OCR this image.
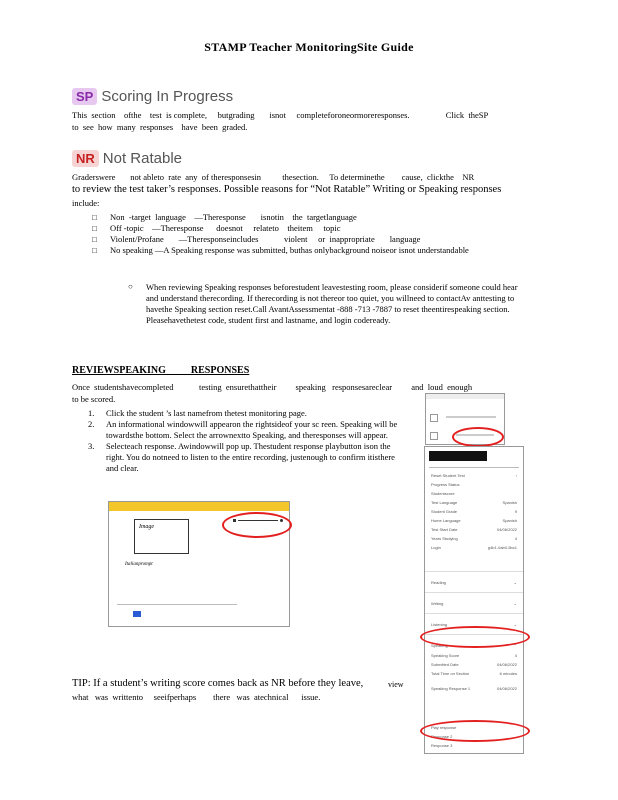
STAMP Teacher MonitoringSite Guide
SP Scoring In Progress
This  section    ofthe    test  is complete,     butgrading       isnot     completeforoneormoreresponses.                 Click  theSP
to  see  how  many  responses    have  been  graded.
NR Not Ratable
Graderswere       not ableto  rate  any  of theresponsesin          thesection.     To determinethe        cause,  clickthe    NR
to review the test taker’s responses. Possible reasons for “Not Ratable” Writing or Speaking responses
include:
□ Non  -target  language    —Theresponse       isnotin    the  targetlanguage
□ Off -topic    —Theresponse      doesnot     relateto    theitem     topic
□ Violent/Profane       —Theresponseincludes            violent     or  inappropriate       language
□ No speaking —A Speaking response was submitted, buthas onlybackground noiseor isnot understandable
○	When reviewing Speaking responses beforestudent leavestesting room, please considerif someone could hear and understand therecording. If therecording is not thereor too quiet, you willneed to contactAv anttesting to havethe Speaking section reset.Call AvantAssessmentat -888 -713 -7887 to reset theentirespeaking section. Pleasehavethetest code, student first and lastname, and login codeready.
REVIEWSPEAKING          RESPONSES
Once  studentshavecompleted            testing  ensurethattheir         speaking   responsesareclear         and  loud  enough
to be scored.
1. Click the student ’s last namefrom thetest monitoring page.
2. An informational windowwill appearon the rightsideof your sc reen. Speaking will be towardsthe bottom. Select the arrownextto Speaking, and theresponses will appear.
3. Selecteach response. Awindowwill pop up. Thestudent response playbutton ison the right. You do notneed to listen to the entire recording, justenough to confirm itisthere and clear.
Image
Italianprompt
Reset Student Test	›
Progress Status
Studentscore
Test Language	Spanish
Student Grade	9
Home Language	Spanish
Test Start Date	04/06/2022
Years Studying	4
Login	g4b1-0ab0-5bc1
Reading	⌄
Writing	⌄
Listening	⌄
Speaking	⌃
Speaking Score	4
Submitted Date	04/06/2022
Total Time on Section	6 minutes
Speaking Response 1	04/06/2022
Play response
Response 2
Response 3
TIP: If a student’s writing score comes back as NR before they leave,	view
what   was  writtento     seeifperhaps        there   was  atechnical      issue.
